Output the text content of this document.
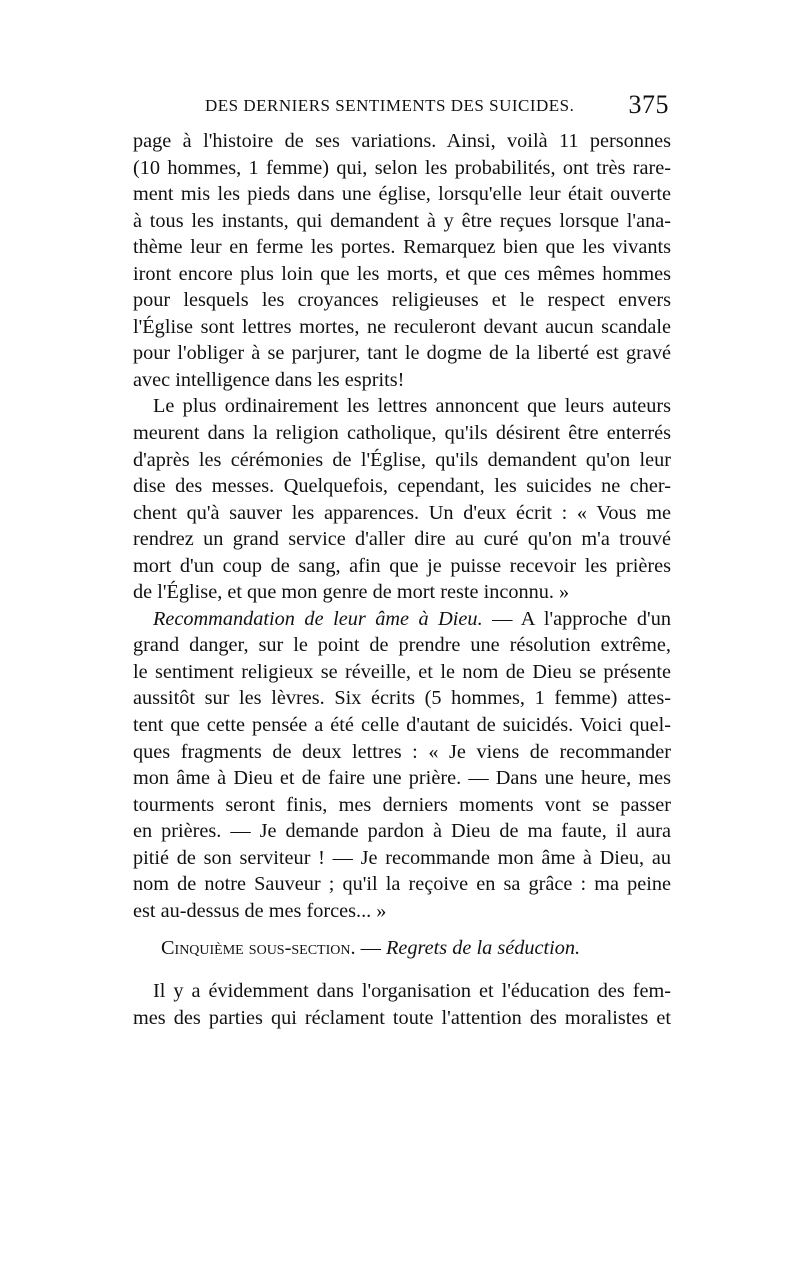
DES DERNIERS SENTIMENTS DES SUICIDES. 375
page à l'histoire de ses variations. Ainsi, voilà 11 personnes
(10 hommes, 1 femme) qui, selon les probabilités, ont très rare-
ment mis les pieds dans une église, lorsqu'elle leur était ouverte
à tous les instants, qui demandent à y être reçues lorsque l'ana-
thème leur en ferme les portes. Remarquez bien que les vivants
iront encore plus loin que les morts, et que ces mêmes hommes
pour lesquels les croyances religieuses et le respect envers
l'Église sont lettres mortes, ne reculeront devant aucun scandale
pour l'obliger à se parjurer, tant le dogme de la liberté est gravé
avec intelligence dans les esprits!
Le plus ordinairement les lettres annoncent que leurs auteurs
meurent dans la religion catholique, qu'ils désirent être enterrés
d'après les cérémonies de l'Église, qu'ils demandent qu'on leur
dise des messes. Quelquefois, cependant, les suicides ne cher-
chent qu'à sauver les apparences. Un d'eux écrit : « Vous me
rendrez un grand service d'aller dire au curé qu'on m'a trouvé
mort d'un coup de sang, afin que je puisse recevoir les prières
de l'Église, et que mon genre de mort reste inconnu. »
Recommandation de leur âme à Dieu. — A l'approche d'un
grand danger, sur le point de prendre une résolution extrême,
le sentiment religieux se réveille, et le nom de Dieu se présente
aussitôt sur les lèvres. Six écrits (5 hommes, 1 femme) attes-
tent que cette pensée a été celle d'autant de suicidés. Voici quel-
ques fragments de deux lettres : « Je viens de recommander
mon âme à Dieu et de faire une prière. — Dans une heure, mes
tourments seront finis, mes derniers moments vont se passer
en prières. — Je demande pardon à Dieu de ma faute, il aura
pitié de son serviteur ! — Je recommande mon âme à Dieu, au
nom de notre Sauveur ; qu'il la reçoive en sa grâce : ma peine
est au-dessus de mes forces... »
Cinquième sous-section. — Regrets de la séduction.
Il y a évidemment dans l'organisation et l'éducation des fem-
mes des parties qui réclament toute l'attention des moralistes et
